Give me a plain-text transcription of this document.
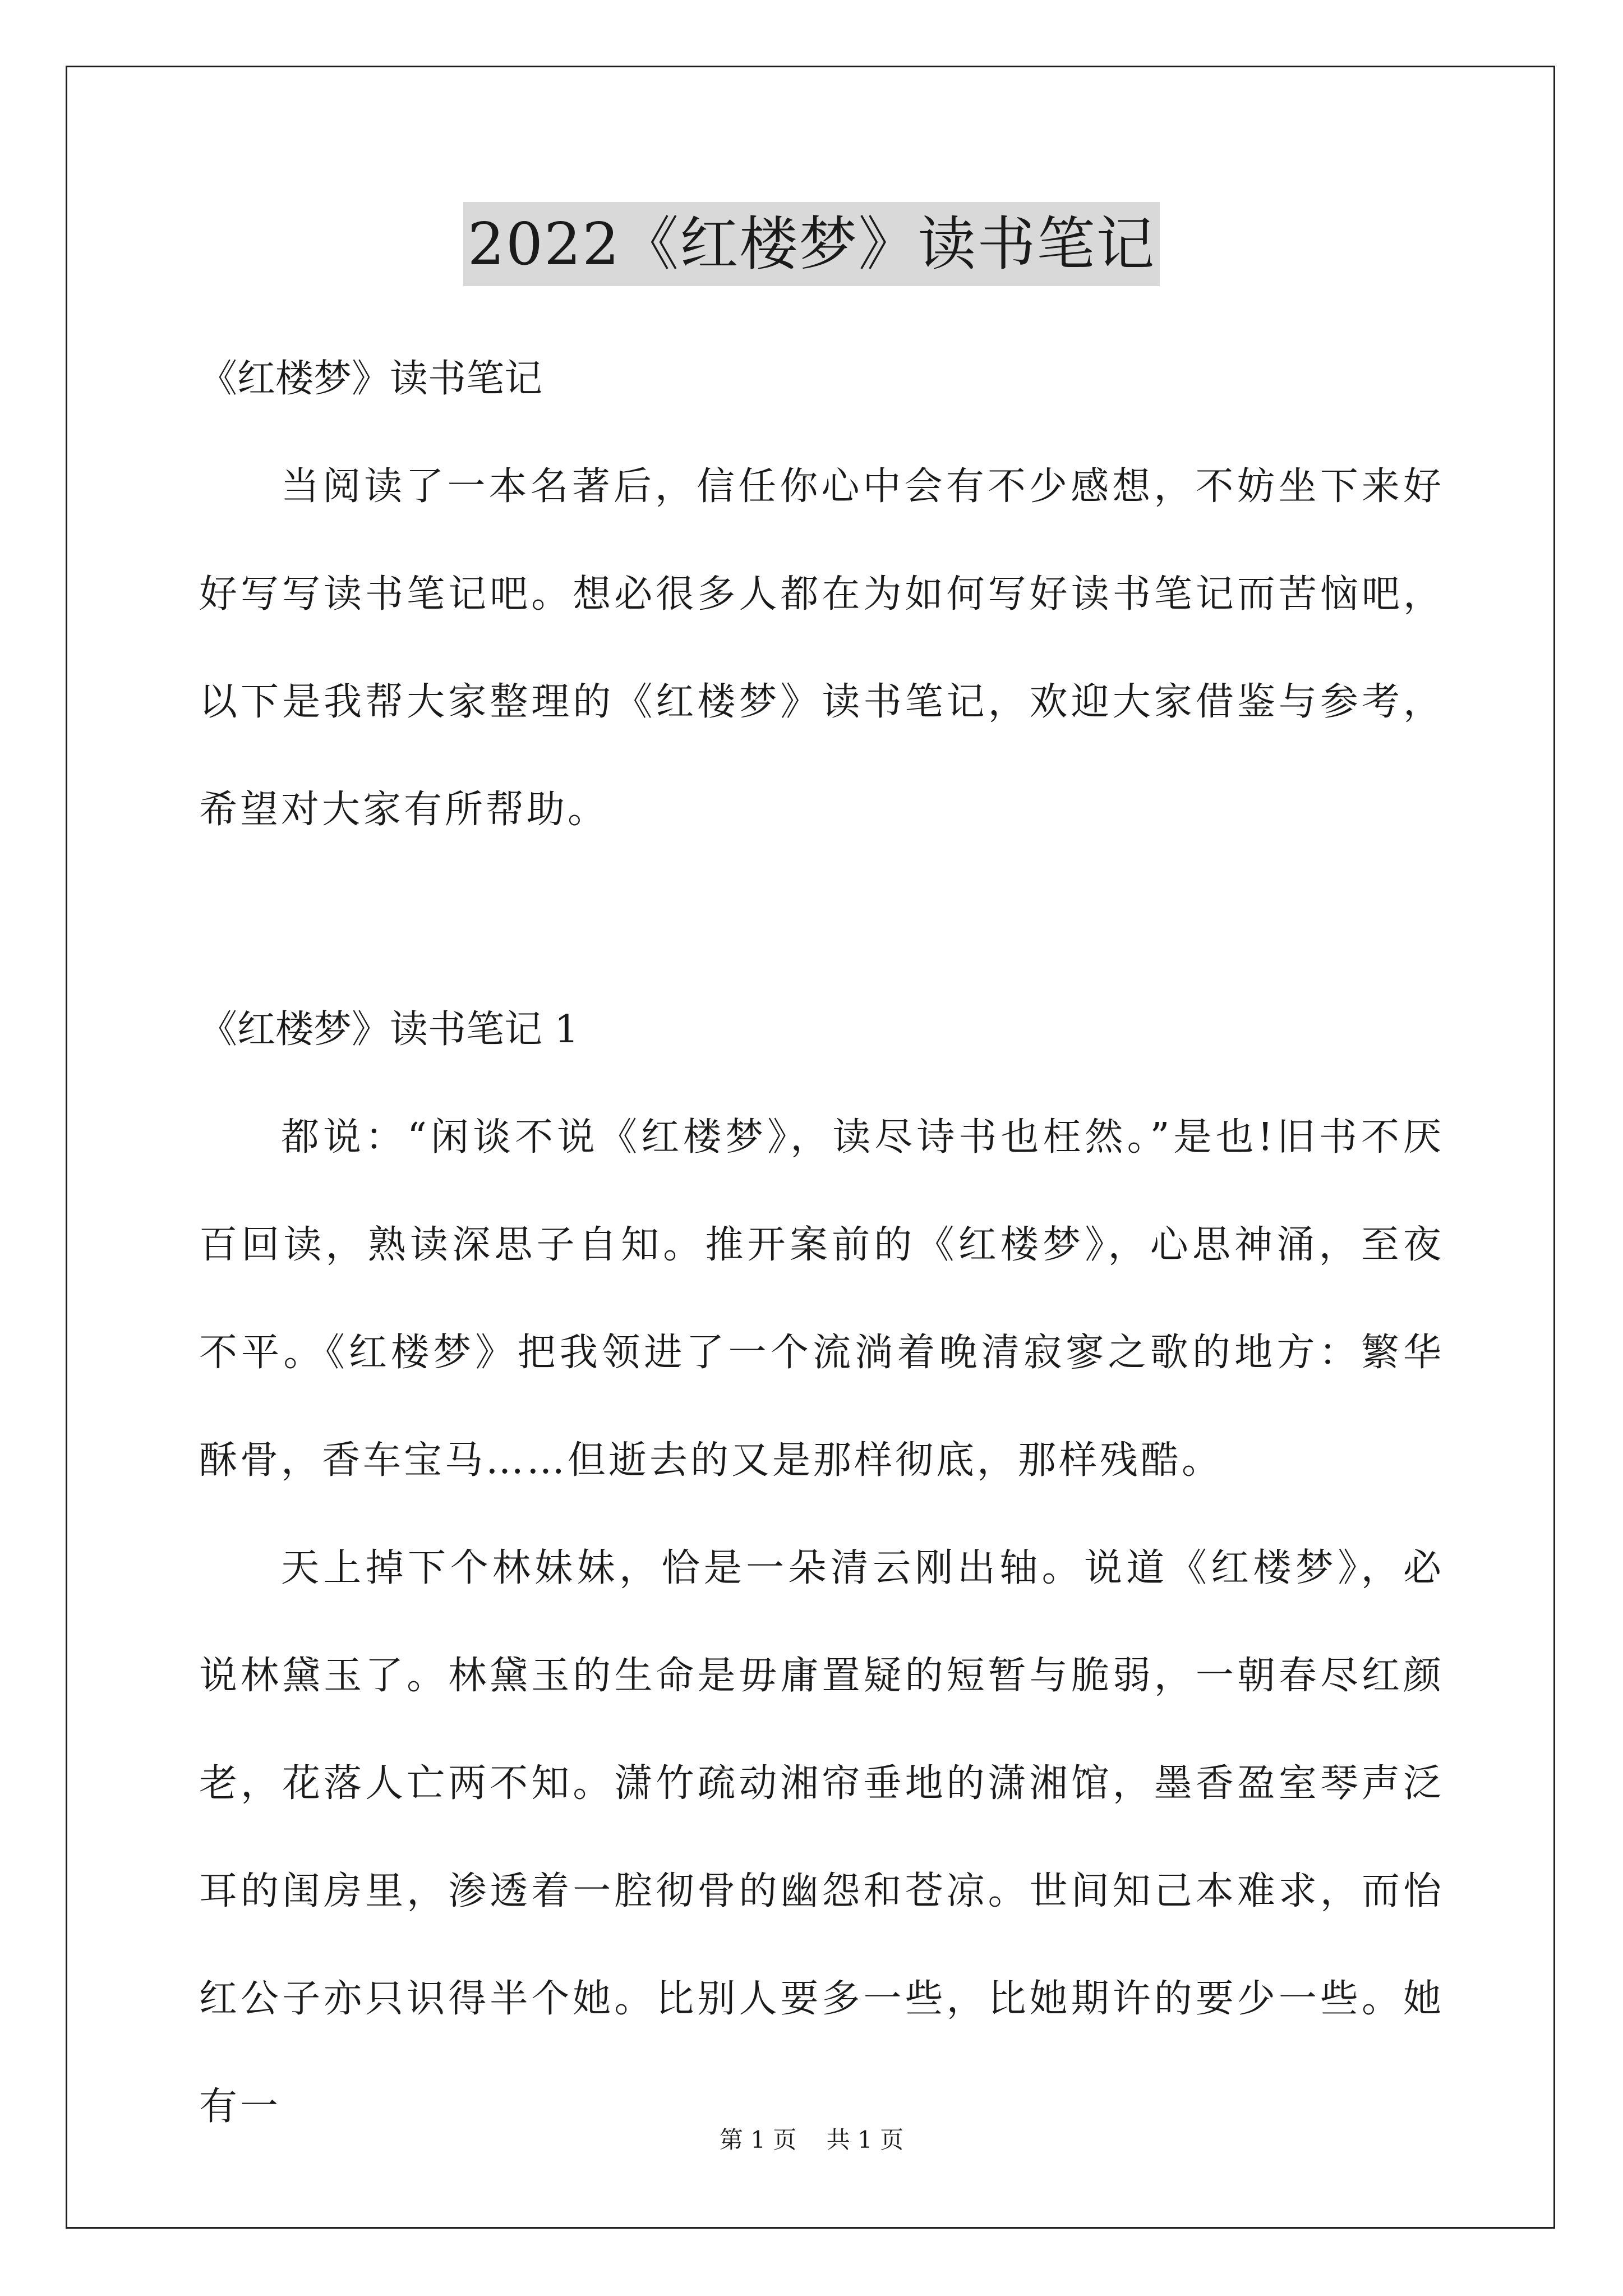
2022《红楼梦》读书笔记

《红楼梦》读书笔记

当阅读了一本名著后，信任你心中会有不少感想，不妨坐下来好好写写读书笔记吧。想必很多人都在为如何写好读书笔记而苦恼吧，以下是我帮大家整理的《红楼梦》读书笔记，欢迎大家借鉴与参考，希望对大家有所帮助。

《红楼梦》读书笔记 1

都说：“闲谈不说《红楼梦》，读尽诗书也枉然。”是也!旧书不厌百回读，熟读深思子自知。推开案前的《红楼梦》，心思神涌，至夜不平。《红楼梦》把我领进了一个流淌着晚清寂寥之歌的地方：繁华酥骨，香车宝马……但逝去的又是那样彻底，那样残酷。

天上掉下个林妹妹，恰是一朵清云刚出轴。说道《红楼梦》，必说林黛玉了。林黛玉的生命是毋庸置疑的短暂与脆弱，一朝春尽红颜老，花落人亡两不知。潇竹疏动湘帘垂地的潇湘馆，墨香盈室琴声泛耳的闺房里，渗透着一腔彻骨的幽怨和苍凉。世间知己本难求，而怡红公子亦只识得半个她。比别人要多一些，比她期许的要少一些。她有一

第 1 页    共 1 页
